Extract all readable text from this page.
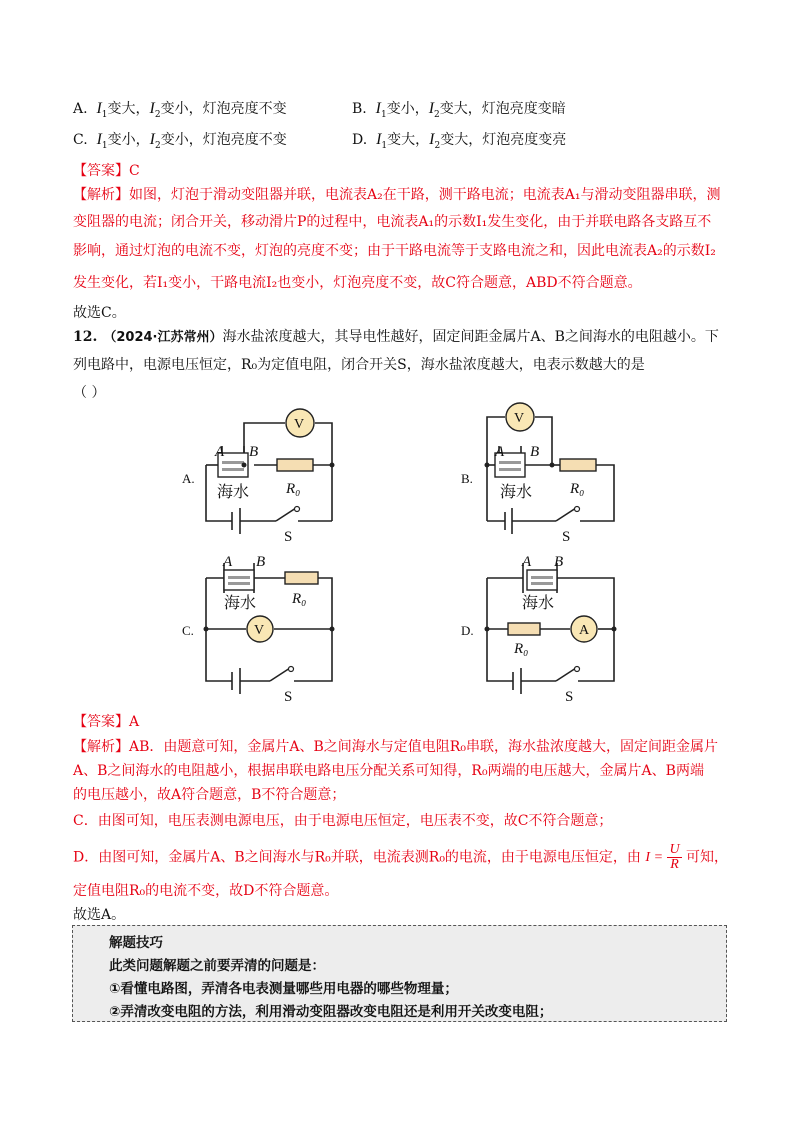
A.  $I_1$变大，$I_2$变小，灯泡亮度不变	B.  $I_1$变小，$I_2$变大，灯泡亮度变暗
C.  $I_1$变小，$I_2$变小，灯泡亮度不变	D.  $I_1$变大，$I_2$变大，灯泡亮度变亮
【答案】C
【解析】如图，灯泡于滑动变阻器并联，电流表A₂在干路，测干路电流；电流表A₁与滑动变阻器串联，测
变阻器的电流；闭合开关，移动滑片P的过程中，电流表A₁的示数I₁发生变化，由于并联电路各支路互不
影响，通过灯泡的电流不变，灯泡的亮度不变；由于干路电流等于支路电流之和，因此电流表A₂的示数I₂
发生变化，若I₁变小，干路电流I₂也变小，灯泡亮度不变，故C符合题意，ABD不符合题意。
故选C。
12. （2024·江苏常州）海水盐浓度越大，其导电性越好，固定间距金属片A、B之间海水的电阻越小。下
列电路中，电源电压恒定，R₀为定值电阻，闭合开关S，海水盐浓度越大，电表示数越大的是
（ ）
A.	B.
C.	D.
A B	A B
A B	A B
海水	海水
海水	海水
R₀	R₀
R₀
R₀
S	S
S	S
V	V
V	A
【答案】A
【解析】AB．由题意可知，金属片A、B之间海水与定值电阻R₀串联，海水盐浓度越大，固定间距金属片
A、B之间海水的电阻越小，根据串联电路电压分配关系可知得，R₀两端的电压越大，金属片A、B两端
的电压越小，故A符合题意，B不符合题意；
C．由图可知，电压表测电源电压，由于电源电压恒定，电压表不变，故C不符合题意；
D．由图可知，金属片A、B之间海水与R₀并联，电流表测R₀的电流，由于电源电压恒定，由 $I = \frac{U}{R}$ 可知，
定值电阻R₀的电流不变，故D不符合题意。
故选A。
解题技巧
此类问题解题之前要弄清的问题是：
①看懂电路图，弄清各电表测量哪些用电器的哪些物理量；
②弄清改变电阻的方法，利用滑动变阻器改变电阻还是利用开关改变电阻；
